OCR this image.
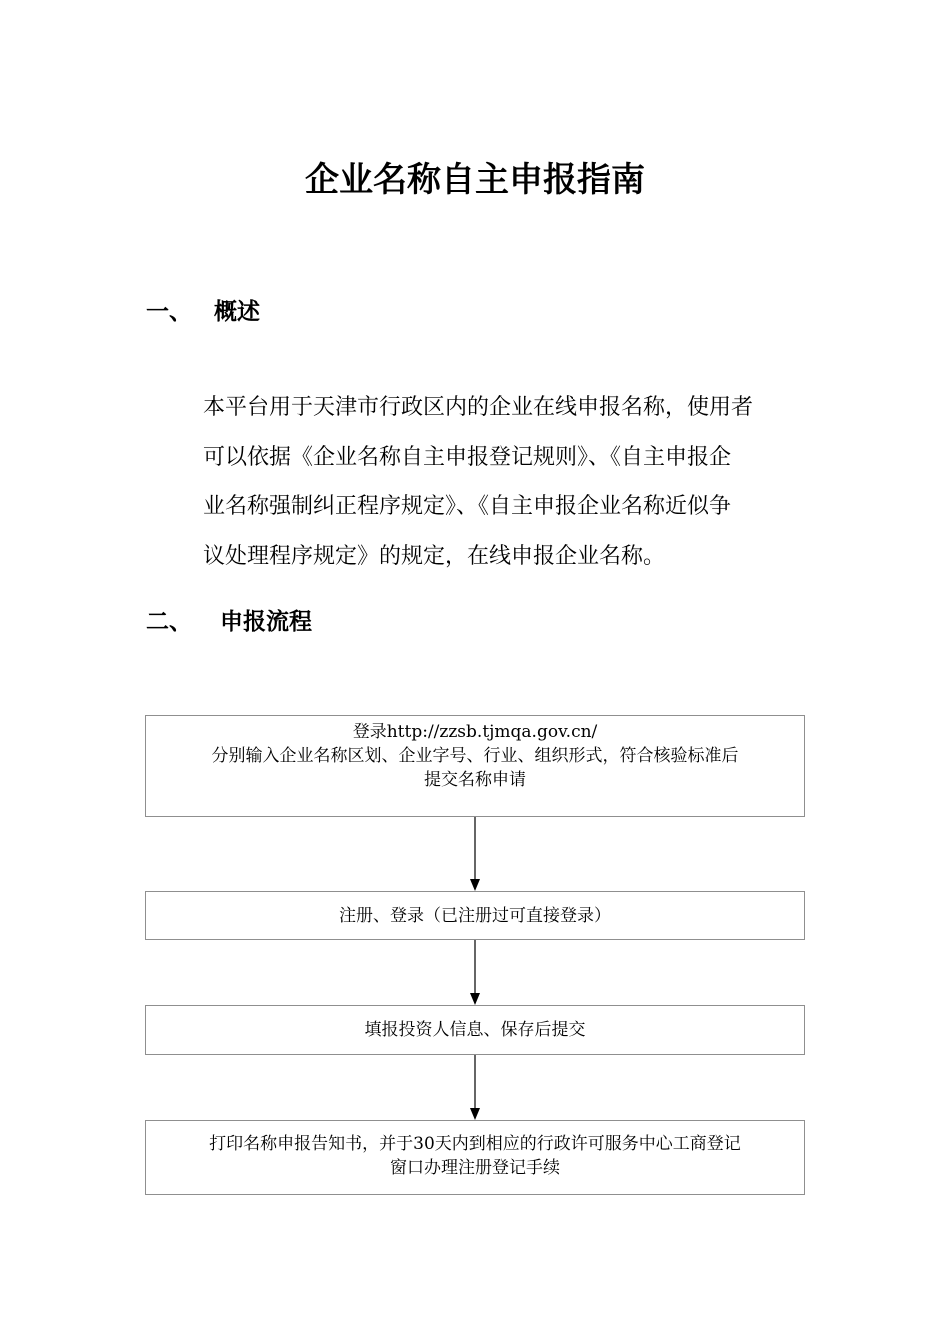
企业名称自主申报指南
一、 概述
本平台用于天津市行政区内的企业在线申报名称，使用者
可以依据《企业名称自主申报登记规则》、《自主申报企
业名称强制纠正程序规定》、《自主申报企业名称近似争
议处理程序规定》的规定，在线申报企业名称。
二、 申报流程
登录http://zzsb.tjmqa.gov.cn/
分别输入企业名称区划、企业字号、行业、组织形式，符合核验标准后
提交名称申请
注册、登录（已注册过可直接登录）
填报投资人信息、保存后提交
打印名称申报告知书，并于30天内到相应的行政许可服务中心工商登记
窗口办理注册登记手续
